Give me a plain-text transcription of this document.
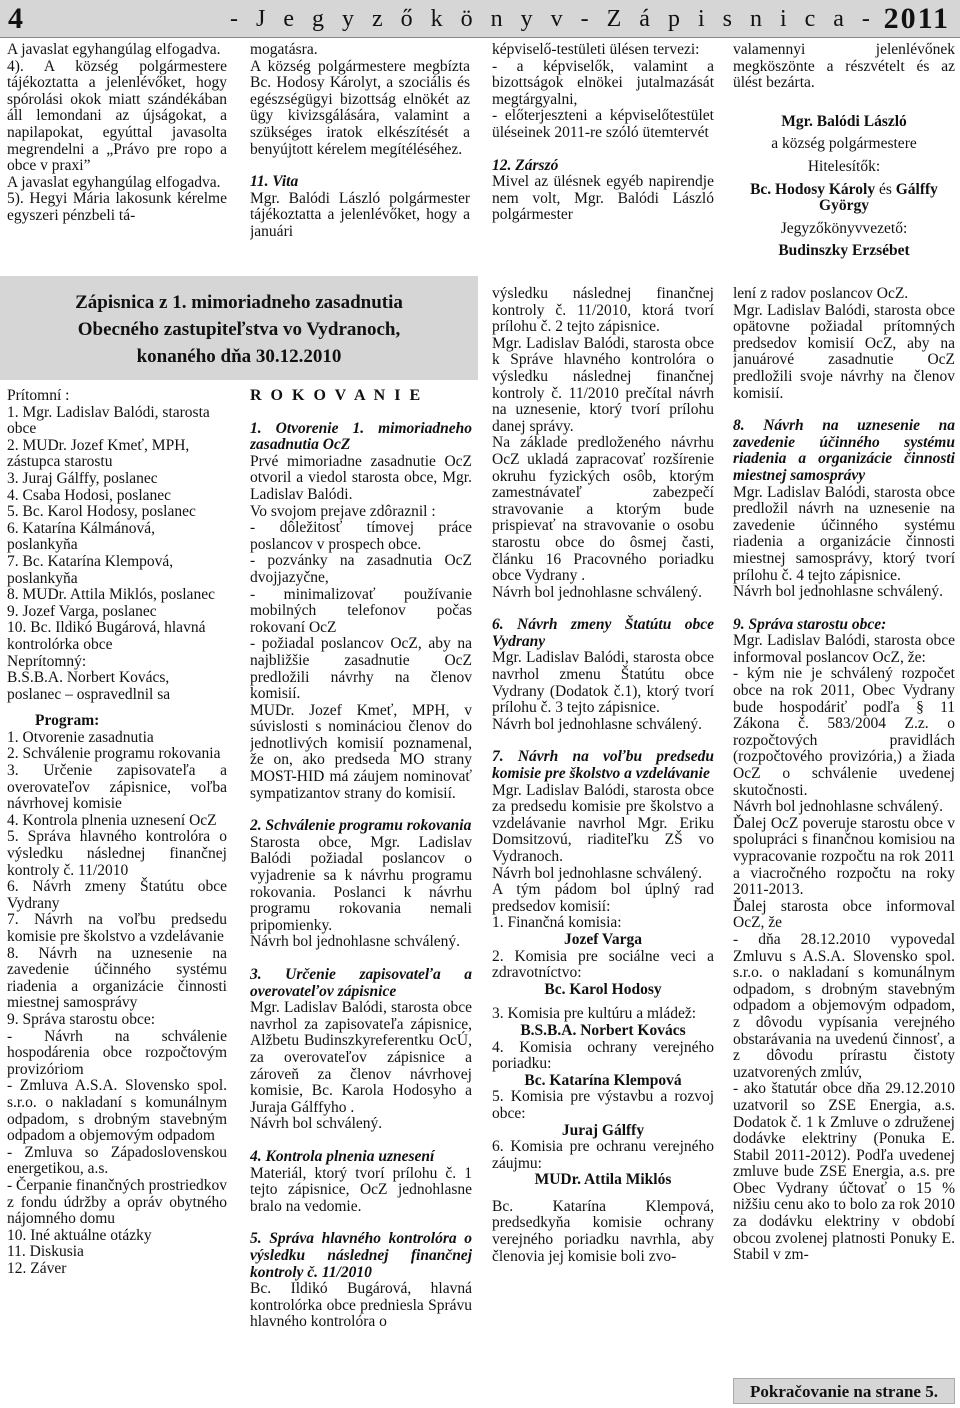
4	- J e g y z ő k ö n y v - Z á p i s n i c a - 2011

A javaslat egyhangúlag elfogadva.

4). A község polgármestere tájékoztatta a jelenlévőket, hogy spórolási okok miatt szándékában áll lemondani az újságokat, a napilapokat, egyúttal javasolta megrendelni a „Právo pre ropo a obce v praxi”

A javaslat egyhangúlag elfogadva.

5). Hegyi Mária lakosunk kérelme egyszeri pénzbeli tá-

mogatásra.

A község polgármestere megbízta Bc. Hodosy Károlyt, a szociális és egészségügyi bizottság elnökét az ügy kivizsgálására, valamint a szükséges iratok elkészítését a benyújtott kérelem megítéléséhez.

11. Vita

Mgr. Balódi László polgármester tájékoztatta a jelenlévőket, hogy a januári

képviselő-testületi ülésen tervezi:

- a képviselők, valamint a bizottságok elnökei jutalmazását megtárgyalni,

- előterjeszteni a képviselőtestület üléseinek 2011-re szóló ütemtervét

12. Zárszó

Mivel az ülésnek egyéb napirendje nem volt, Mgr. Balódi László polgármester

valamennyi jelenlévőnek megköszönte a részvételt és az ülést bezárta.

Mgr. Balódi László

a község polgármestere

Hitelesítők:

Bc. Hodosy Károly és Gálffy György

Jegyzőkönyvvezető:

Budinszky Erzsébet

Zápisnica z 1. mimoriadneho zasadnutia
Obecného zastupiteľstva vo Vydranoch,
konaného dňa 30.12.2010

Prítomní :

1. Mgr. Ladislav Balódi, starosta obce

2. MUDr. Jozef Kmeť, MPH, zástupca starostu

3. Juraj Gálffy, poslanec

4. Csaba Hodosi, poslanec

5. Bc. Karol Hodosy, poslanec

6. Katarína Kálmánová, poslankyňa

7. Bc. Katarína Klempová, poslankyňa

8. MUDr. Attila Miklós, poslanec

9. Jozef Varga, poslanec

10. Bc. Ildikó Bugárová, hlavná kontrolórka obce

Neprítomný:

B.S.B.A. Norbert Kovács, poslanec – ospravedlnil sa

Program:

1. Otvorenie zasadnutia

2. Schválenie programu rokovania

3. Určenie zapisovateľa a overovateľov zápisnice, voľba návrhovej komisie

4. Kontrola plnenia uznesení OcZ

5. Správa hlavného kontrolóra o výsledku následnej finančnej kontroly č. 11/2010

6. Návrh zmeny Štatútu obce Vydrany

7. Návrh na voľbu predsedu komisie pre školstvo a vzdelávanie

8. Návrh na uznesenie na zavedenie účinného systému riadenia a organizácie činnosti miestnej samosprávy

9. Správa starostu obce:

- Návrh na schválenie hospodárenia obce rozpočtovým provizóriom

- Zmluva A.S.A. Slovensko spol. s.r.o. o nakladaní s komunálnym odpadom, s drobným stavebným odpadom a objemovým odpadom

- Zmluva so Západoslovenskou energetikou, a.s.

- Čerpanie finančných prostriedkov z fondu údržby a opráv obytného nájomného domu

10. Iné aktuálne otázky

11. Diskusia

12. Záver

R O K O V A N I E

1. Otvorenie 1. mimoriadneho zasadnutia OcZ

Prvé mimoriadne zasadnutie OcZ otvoril a viedol starosta obce, Mgr. Ladislav Balódi.

Vo svojom prejave zdôraznil :

- dôležitosť tímovej práce poslancov v prospech obce.

- pozvánky na zasadnutia OcZ dvojjazyčne,

- minimalizovať používanie mobilných telefonov počas rokovaní OcZ

- požiadal poslancov OcZ, aby na najbližšie zasadnutie OcZ predložili návrhy na členov komisií.

MUDr. Jozef Kmeť, MPH, v súvislosti s nomináciou členov do jednotlivých komisií poznamenal, že on, ako predseda MO strany MOST-HID má záujem nominovať sympatizantov strany do komisií.

2. Schválenie programu rokovania

Starosta obce, Mgr. Ladislav Balódi požiadal poslancov o vyjadrenie sa k návrhu programu rokovania. Poslanci k návrhu programu rokovania nemali pripomienky.

Návrh bol jednohlasne schválený.

3. Určenie zapisovateľa a overovateľov zápisnice

Mgr. Ladislav Balódi, starosta obce navrhol za zapisovateľa zápisnice, Alžbetu Budinszkyreferentku OcÚ, za overovateľov zápisnice a zároveň za členov návrhovej komisie, Bc. Karola Hodosyho a Juraja Gálffyho .

Návrh bol schválený.

4. Kontrola plnenia uznesení

Materiál, ktorý tvorí prílohu č. 1 tejto zápisnice, OcZ jednohlasne bralo na vedomie.

5. Správa hlavného kontrolóra o výsledku následnej finančnej kontroly č. 11/2010

Bc. Ildikó Bugárová, hlavná kontrolórka obce predniesla Správu hlavného kontrolóra o

výsledku následnej finančnej kontroly č. 11/2010, ktorá tvorí prílohu č. 2 tejto zápisnice.

Mgr. Ladislav Balódi, starosta obce k Správe hlavného kontrolóra o výsledku následnej finančnej kontroly č. 11/2010 prečítal návrh na uznesenie, ktorý tvorí prílohu danej správy.

Na základe predloženého návrhu OcZ ukladá zapracovať rozšírenie okruhu fyzických osôb, ktorým zamestnávateľ zabezpečí stravovanie a ktorým bude prispievať na stravovanie o osobu starostu obce do ôsmej časti, článku 16 Pracovného poriadku obce Vydrany .

Návrh bol jednohlasne schválený.

6. Návrh zmeny Štatútu obce Vydrany

Mgr. Ladislav Balódi, starosta obce navrhol zmenu Štatútu obce Vydrany (Dodatok č.1), ktorý tvorí prílohu č. 3 tejto zápisnice.

Návrh bol jednohlasne schválený.

7. Návrh na voľbu predsedu komisie pre školstvo a vzdelávanie

Mgr. Ladislav Balódi, starosta obce za predsedu komisie pre školstvo a vzdelávanie navrhol Mgr. Eriku Domsitzovú, riaditeľku ZŠ vo Vydranoch.

Návrh bol jednohlasne schválený.

A tým pádom bol úplný rad predsedov komisií:

1. Finančná komisia:

Jozef Varga

2. Komisia pre sociálne veci a zdravotníctvo:

Bc. Karol Hodosy

3. Komisia pre kultúru a mládež:

B.S.B.A. Norbert Kovács

4. Komisia ochrany verejného poriadku:

Bc. Katarína Klempová

5. Komisia pre výstavbu a rozvoj obce:

Juraj Gálffy

6. Komisia pre ochranu verejného záujmu:

MUDr. Attila Miklós

Bc. Katarína Klempová, predsedkyňa komisie ochrany verejného poriadku navrhla, aby členovia jej komisie boli zvo-

lení z radov poslancov OcZ.

Mgr. Ladislav Balódi, starosta obce opätovne požiadal prítomných predsedov komisií OcZ, aby na januárové zasadnutie OcZ predložili svoje návrhy na členov komisií.

8. Návrh na uznesenie na zavedenie účinného systému riadenia a organizácie činnosti miestnej samosprávy

Mgr. Ladislav Balódi, starosta obce predložil návrh na uznesenie na zavedenie účinného systému riadenia a organizácie činnosti miestnej samosprávy, ktorý tvorí prílohu č. 4 tejto zápisnice.

Návrh bol jednohlasne schválený.

9. Správa starostu obce:

Mgr. Ladislav Balódi, starosta obce informoval poslancov OcZ, že:

- kým nie je schválený rozpočet obce na rok 2011, Obec Vydrany bude hospodáriť podľa § 11 Zákona č. 583/2004 Z.z. o rozpočtových pravidlách (rozpočtového provizória,) a žiada OcZ o schválenie uvedenej skutočnosti.

Návrh bol jednohlasne schválený.

Ďalej OcZ poveruje starostu obce v spolupráci s finančnou komisiou na vypracovanie rozpočtu na rok 2011 a viacročného rozpočtu na roky 2011-2013.

Ďalej starosta obce informoval OcZ, že

- dňa 28.12.2010 vypovedal Zmluvu s A.S.A. Slovensko spol. s.r.o. o nakladaní s komunálnym odpadom, s drobným stavebným odpadom a objemovým odpadom, z dôvodu vypísania verejného obstarávania na uvedenú činnosť, a z dôvodu prírastu čistoty uzatvorených zmlúv,

- ako štatutár obce dňa 29.12.2010 uzatvoril so ZSE Energia, a.s. Dodatok č. 1 k Zmluve o združenej dodávke elektriny (Ponuka E. Stabil 2011-2012). Podľa uvedenej zmluve bude ZSE Energia, a.s. pre Obec Vydrany účtovať o 15 % nižšiu cenu ako to bolo za rok 2010 za dodávku elektriny v období obcou zvolenej platnosti Ponuky E. Stabil v zm-

Pokračovanie na strane 5.
